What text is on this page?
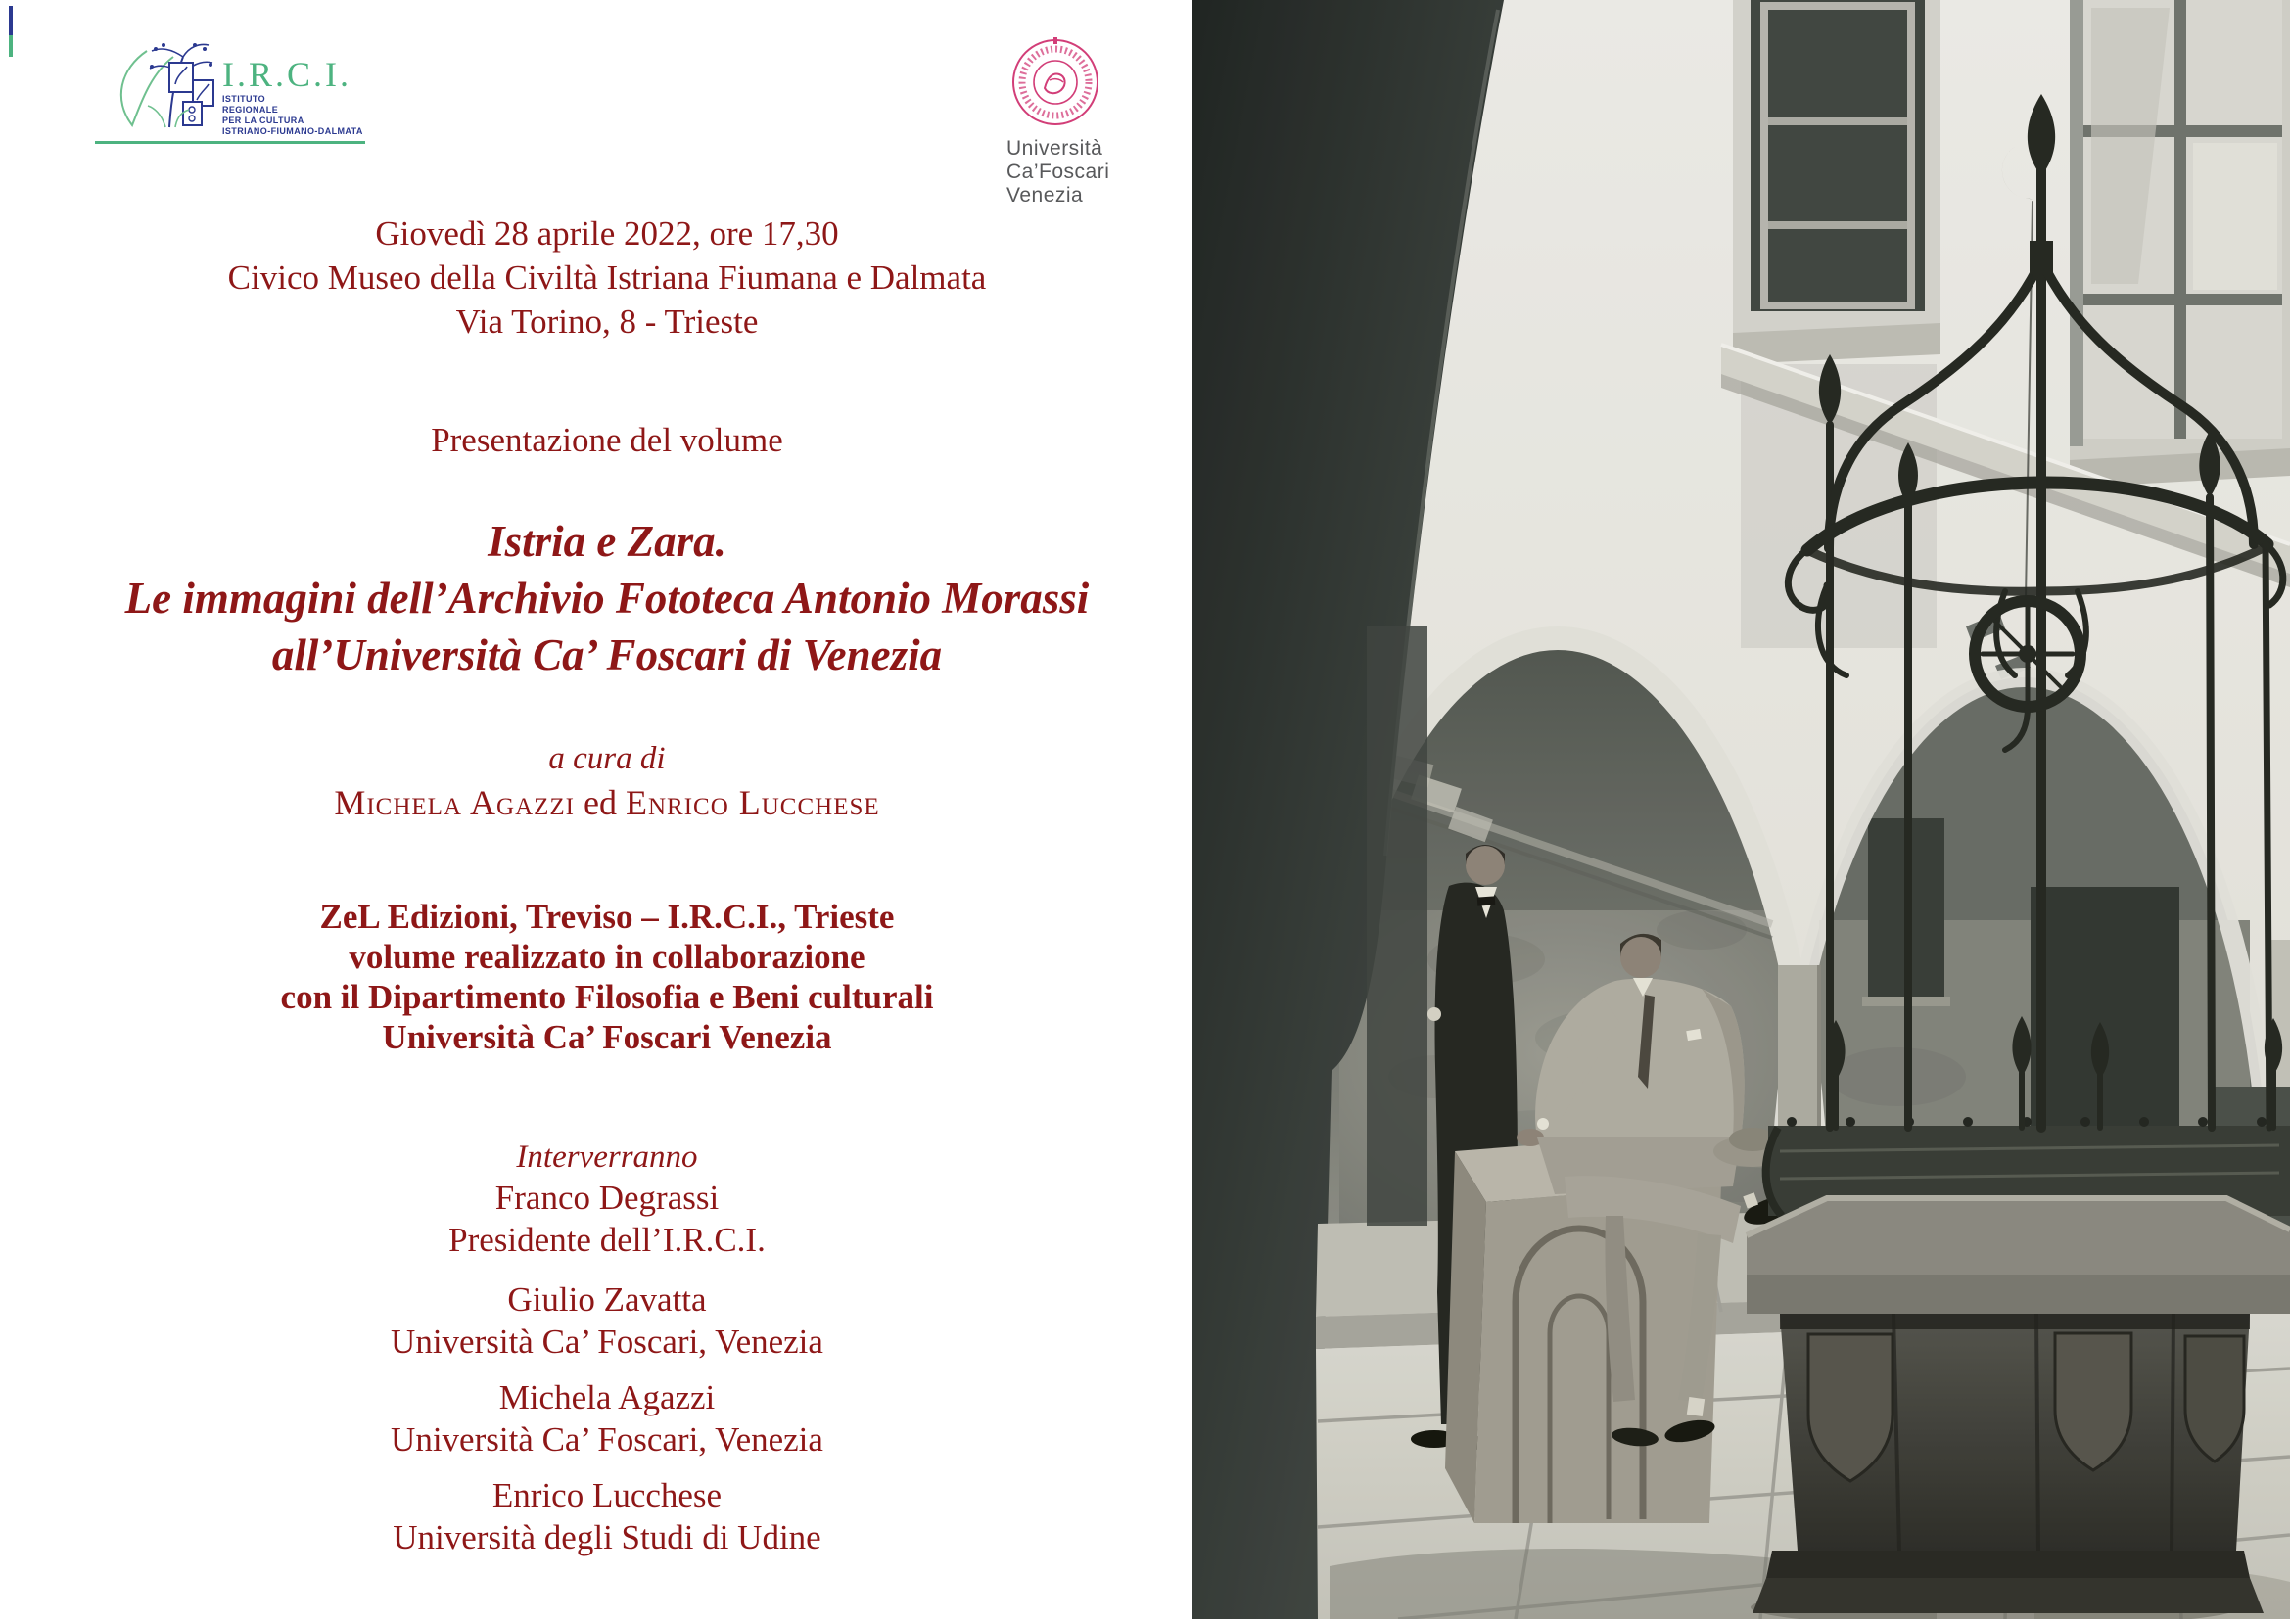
I.R.C.I.
ISTITUTO
REGIONALE
PER LA CULTURA
ISTRIANO-FIUMANO-DALMATA
Università
Ca’Foscari
Venezia
Giovedì 28 aprile 2022, ore 17,30
Civico Museo della Civiltà Istriana Fiumana e Dalmata
Via Torino, 8 - Trieste
Presentazione del volume
Istria e Zara.
Le immagini dell’Archivio Fototeca Antonio Morassi
all’Università Ca’ Foscari di Venezia
a cura di
Michela Agazzi ed Enrico Lucchese
ZeL Edizioni, Treviso – I.R.C.I., Trieste
volume realizzato in collaborazione
con il Dipartimento Filosofia e Beni culturali
Università Ca’ Foscari Venezia
Interverranno
Franco Degrassi
Presidente dell’I.R.C.I.
Giulio Zavatta
Università Ca’ Foscari, Venezia
Michela Agazzi
Università Ca’ Foscari, Venezia
Enrico Lucchese
Università degli Studi di Udine
